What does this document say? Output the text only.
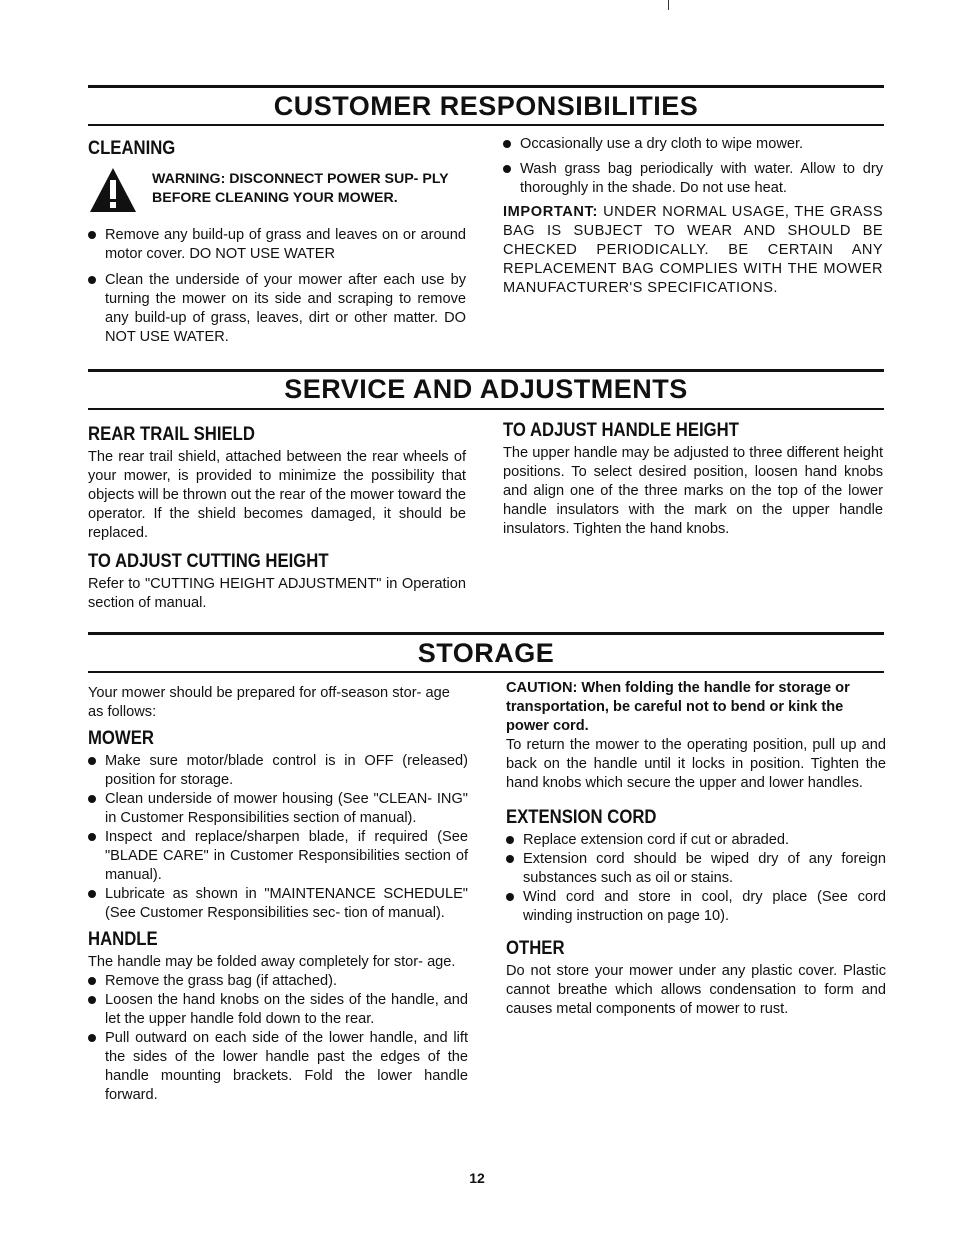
CUSTOMER RESPONSIBILITIES
CLEANING
WARNING: DISCONNECT POWER SUP- PLY BEFORE CLEANING YOUR MOWER.
Remove any build-up of grass and leaves on or around motor cover. DO NOT USE WATER
Clean the underside of your mower after each use by turning the mower on its side and scraping to remove any build-up of grass, leaves, dirt or other matter. DO NOT USE WATER.
Occasionally use a dry cloth to wipe mower.
Wash grass bag periodically with water. Allow to dry thoroughly in the shade. Do not use heat.

IMPORTANT: UNDER NORMAL USAGE, THE GRASS BAG IS SUBJECT TO WEAR AND SHOULD BE CHECKED PERIODICALLY. BE CERTAIN ANY REPLACEMENT BAG COMPLIES WITH THE MOWER MANUFACTURER'S SPECIFICATIONS.

SERVICE AND ADJUSTMENTS
REAR TRAIL SHIELD

The rear trail shield, attached between the rear wheels of your mower, is provided to minimize the possibility that objects will be thrown out the rear of the mower toward the operator. If the shield becomes damaged, it should be replaced.

TO ADJUST CUTTING HEIGHT

Refer to "CUTTING HEIGHT ADJUSTMENT" in Operation section of manual.

TO ADJUST HANDLE HEIGHT

The upper handle may be adjusted to three different height positions. To select desired position, loosen hand knobs and align one of the three marks on the top of the lower handle insulators with the mark on the upper handle insulators. Tighten the hand knobs.

STORAGE

Your mower should be prepared for off-season stor- age as follows:

MOWER
Make sure motor/blade control is in OFF (released) position for storage.
Clean underside of mower housing (See "CLEAN- ING" in Customer Responsibilities section of manual).
Inspect and replace/sharpen blade, if required (See "BLADE CARE" in Customer Responsibilities section of manual).
Lubricate as shown in "MAINTENANCE SCHEDULE" (See Customer Responsibilities sec- tion of manual).
HANDLE

The handle may be folded away completely for stor- age.

Remove the grass bag (if attached).
Loosen the hand knobs on the sides of the handle, and let the upper handle fold down to the rear.
Pull outward on each side of the lower handle, and lift the sides of the lower handle past the edges of the handle mounting brackets. Fold the lower handle forward.

CAUTION: When folding the handle for storage or transportation, be careful not to bend or kink the power cord.

To return the mower to the operating position, pull up and back on the handle until it locks in position. Tighten the hand knobs which secure the upper and lower handles.

EXTENSION CORD
Replace extension cord if cut or abraded.
Extension cord should be wiped dry of any foreign substances such as oil or stains.
Wind cord and store in cool, dry place (See cord winding instruction on page 10).
OTHER

Do not store your mower under any plastic cover. Plastic cannot breathe which allows condensation to form and causes metal components of mower to rust.

12
